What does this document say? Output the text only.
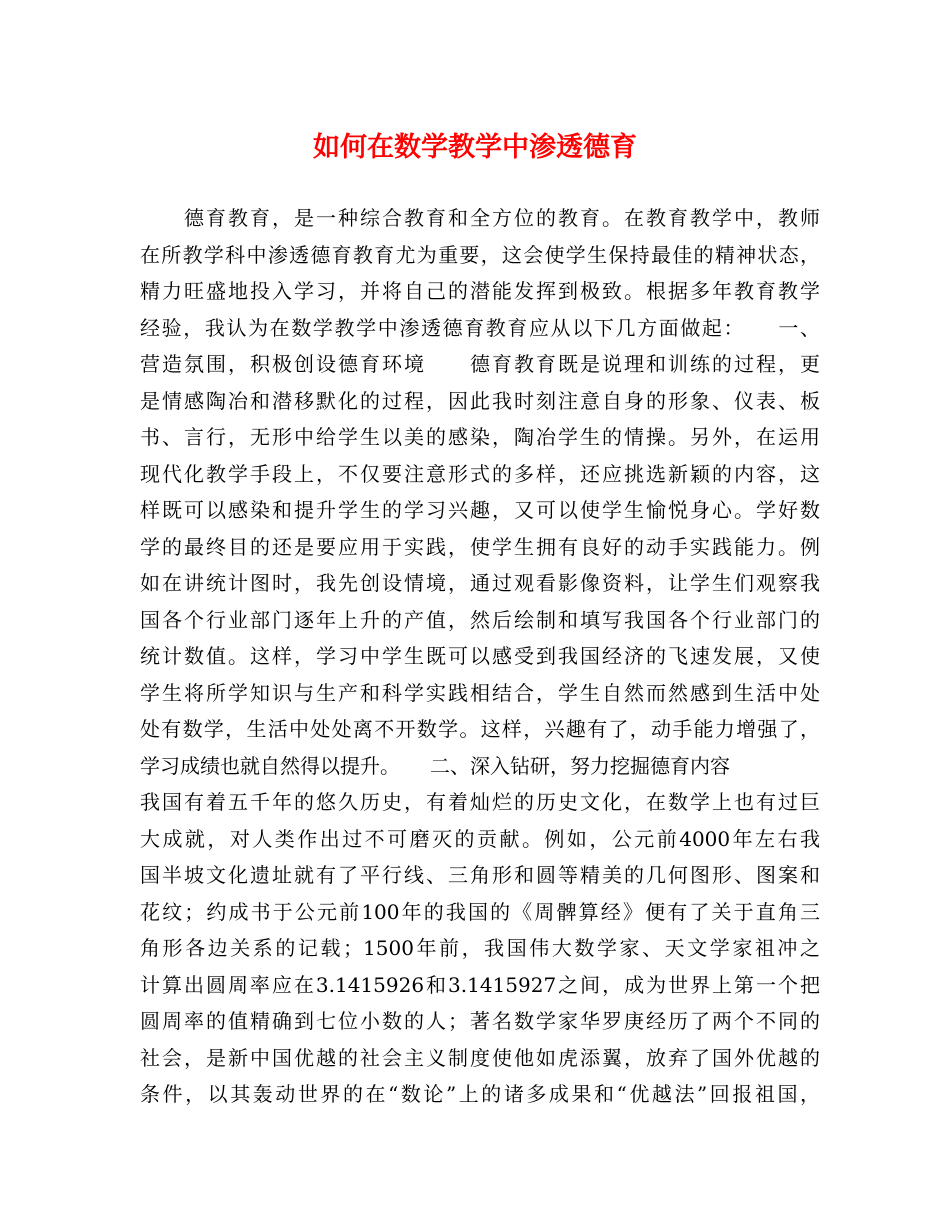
如何在数学教学中渗透德育
　　德育教育，是一种综合教育和全方位的教育。在教育教学中，教师
在所教学科中渗透德育教育尤为重要，这会使学生保持最佳的精神状态，
精力旺盛地投入学习，并将自己的潜能发挥到极致。根据多年教育教学
经验，我认为在数学教学中渗透德育教育应从以下几方面做起：　　一、
营造氛围，积极创设德育环境　　德育教育既是说理和训练的过程，更
是情感陶冶和潜移默化的过程，因此我时刻注意自身的形象、仪表、板
书、言行，无形中给学生以美的感染，陶冶学生的情操。另外，在运用
现代化教学手段上，不仅要注意形式的多样，还应挑选新颖的内容，这
样既可以感染和提升学生的学习兴趣，又可以使学生愉悦身心。学好数
学的最终目的还是要应用于实践，使学生拥有良好的动手实践能力。例
如在讲统计图时，我先创设情境，通过观看影像资料，让学生们观察我
国各个行业部门逐年上升的产值，然后绘制和填写我国各个行业部门的
统计数值。这样，学习中学生既可以感受到我国经济的飞速发展，又使
学生将所学知识与生产和科学实践相结合，学生自然而然感到生活中处
处有数学，生活中处处离不开数学。这样，兴趣有了，动手能力增强了，
学习成绩也就自然得以提升。　　二、深入钻研，努力挖掘德育内容
我国有着五千年的悠久历史，有着灿烂的历史文化，在数学上也有过巨
大成就，对人类作出过不可磨灭的贡献。例如，公元前4000年左右我
国半坡文化遗址就有了平行线、三角形和圆等精美的几何图形、图案和
花纹；约成书于公元前100年的我国的《周髀算经》便有了关于直角三
角形各边关系的记载；1500年前，我国伟大数学家、天文学家祖冲之
计算出圆周率应在3.1415926和3.1415927之间，成为世界上第一个把
圆周率的值精确到七位小数的人；著名数学家华罗庚经历了两个不同的
社会，是新中国优越的社会主义制度使他如虎添翼，放弃了国外优越的
条件，以其轰动世界的在“数论”上的诸多成果和“优越法”回报祖国，
